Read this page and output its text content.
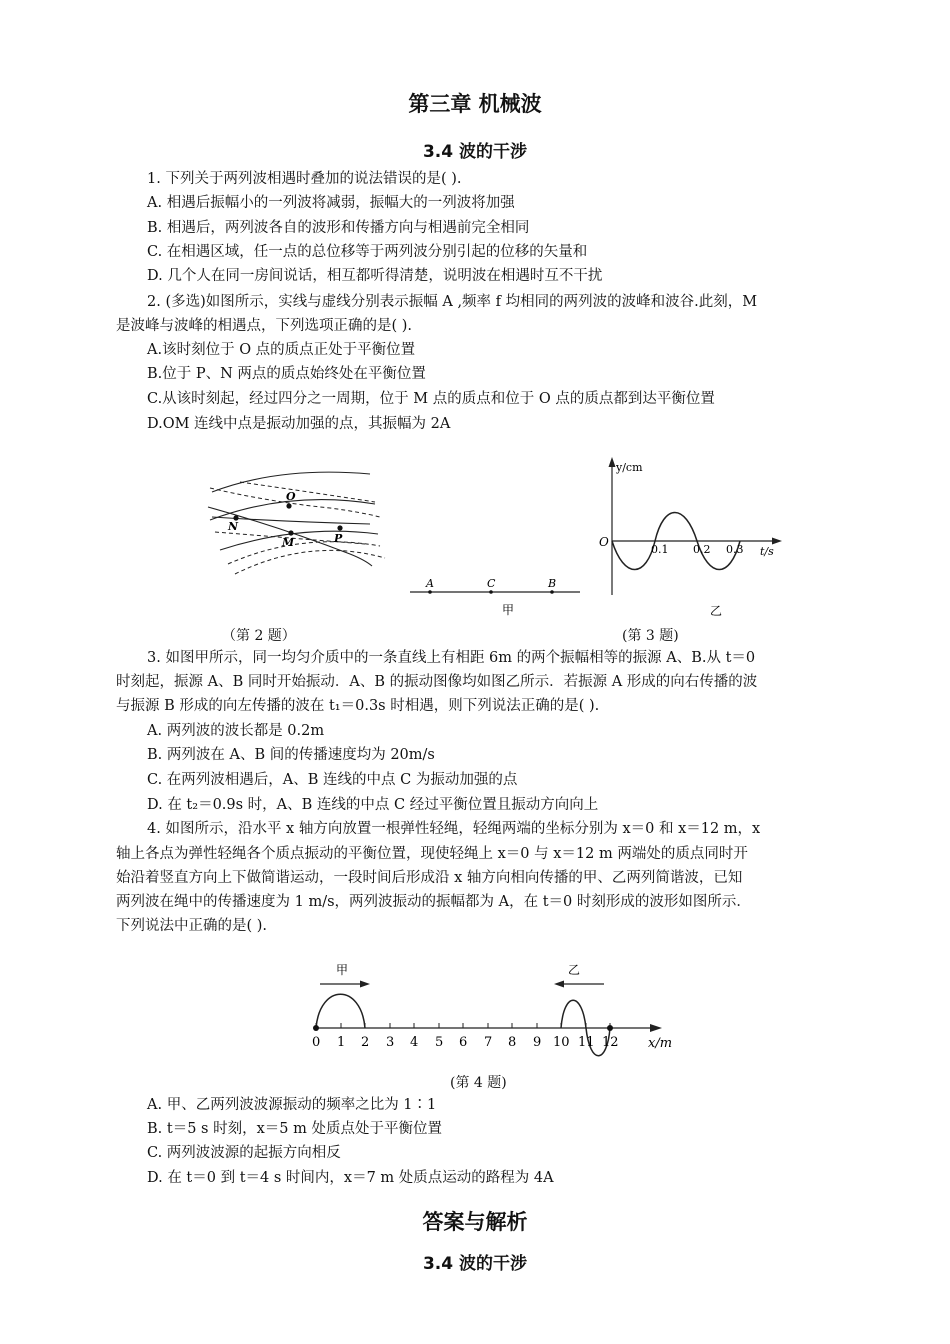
第三章 机械波
3.4 波的干涉
1. 下列关于两列波相遇时叠加的说法错误的是( ).
A. 相遇后振幅小的一列波将减弱，振幅大的一列波将加强
B. 相遇后，两列波各自的波形和传播方向与相遇前完全相同
C. 在相遇区域，任一点的总位移等于两列波分别引起的位移的矢量和
D. 几个人在同一房间说话，相互都听得清楚，说明波在相遇时互不干扰
2. (多选)如图所示，实线与虚线分别表示振幅 A ,频率 f 均相同的两列波的波峰和波谷.此刻，M
是波峰与波峰的相遇点，下列选项正确的是( ).
A.该时刻位于 O 点的质点正处于平衡位置
B.位于 P、N 两点的质点始终处在平衡位置
C.从该时刻起，经过四分之一周期，位于 M 点的质点和位于 O 点的质点都到达平衡位置
D.OM 连线中点是振动加强的点，其振幅为 2A
O
N
M	P
A	C	B
甲
y/cm
O
0.1 0.2 0.3 t/s
乙
（第 2 题）	(第 3 题)
3. 如图甲所示，同一均匀介质中的一条直线上有相距 6m 的两个振幅相等的振源 A、B.从 t＝0
时刻起，振源 A、B 同时开始振动．A、B 的振动图像均如图乙所示．若振源 A 形成的向右传播的波
与振源 B 形成的向左传播的波在 t₁＝0.3s 时相遇，则下列说法正确的是( ).
A. 两列波的波长都是 0.2m
B. 两列波在 A、B 间的传播速度均为 20m/s
C. 在两列波相遇后，A、B 连线的中点 C 为振动加强的点
D. 在 t₂＝0.9s 时，A、B 连线的中点 C 经过平衡位置且振动方向向上
4. 如图所示，沿水平 x 轴方向放置一根弹性轻绳，轻绳两端的坐标分别为 x＝0 和 x＝12 m，x
轴上各点为弹性轻绳各个质点振动的平衡位置，现使轻绳上 x＝0 与 x＝12 m 两端处的质点同时开
始沿着竖直方向上下做简谐运动，一段时间后形成沿 x 轴方向相向传播的甲、乙两列简谐波，已知
两列波在绳中的传播速度为 1 m/s，两列波振动的振幅都为 A，在 t＝0 时刻形成的波形如图所示．
下列说法中正确的是( ).
甲	乙
0 1 2 3 4 5 6 7 8 9 10 11 12 x/m
(第 4 题)
A. 甲、乙两列波波源振动的频率之比为 1∶1
B. t＝5 s 时刻，x＝5 m 处质点处于平衡位置
C. 两列波波源的起振方向相反
D. 在 t＝0 到 t＝4 s 时间内，x＝7 m 处质点运动的路程为 4A
答案与解析
3.4 波的干涉
